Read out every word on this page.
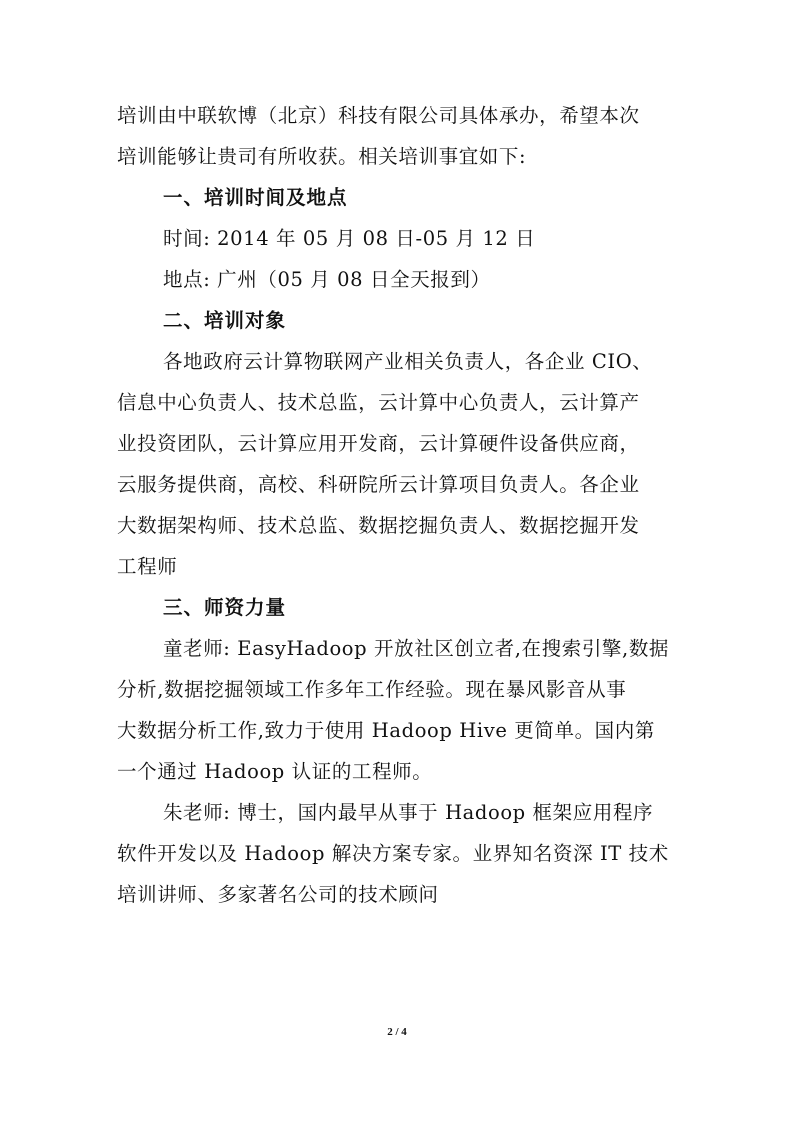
培训由中联软博（北京）科技有限公司具体承办，希望本次
培训能够让贵司有所收获。相关培训事宜如下:
一、培训时间及地点
时间: 2014 年 05 月 08 日-05 月 12 日
地点: 广州（05 月 08 日全天报到）
二、培训对象
各地政府云计算物联网产业相关负责人，各企业 CIO、
信息中心负责人、技术总监，云计算中心负责人，云计算产
业投资团队，云计算应用开发商，云计算硬件设备供应商，
云服务提供商，高校、科研院所云计算项目负责人。各企业
大数据架构师、技术总监、数据挖掘负责人、数据挖掘开发
工程师
三、师资力量
童老师: EasyHadoop 开放社区创立者,在搜索引擎,数据
分析,数据挖掘领域工作多年工作经验。现在暴风影音从事
大数据分析工作,致力于使用 Hadoop Hive 更简单。国内第
一个通过 Hadoop 认证的工程师。
朱老师: 博士，国内最早从事于 Hadoop 框架应用程序
软件开发以及 Hadoop 解决方案专家。业界知名资深 IT 技术
培训讲师、多家著名公司的技术顾问
2 / 4
